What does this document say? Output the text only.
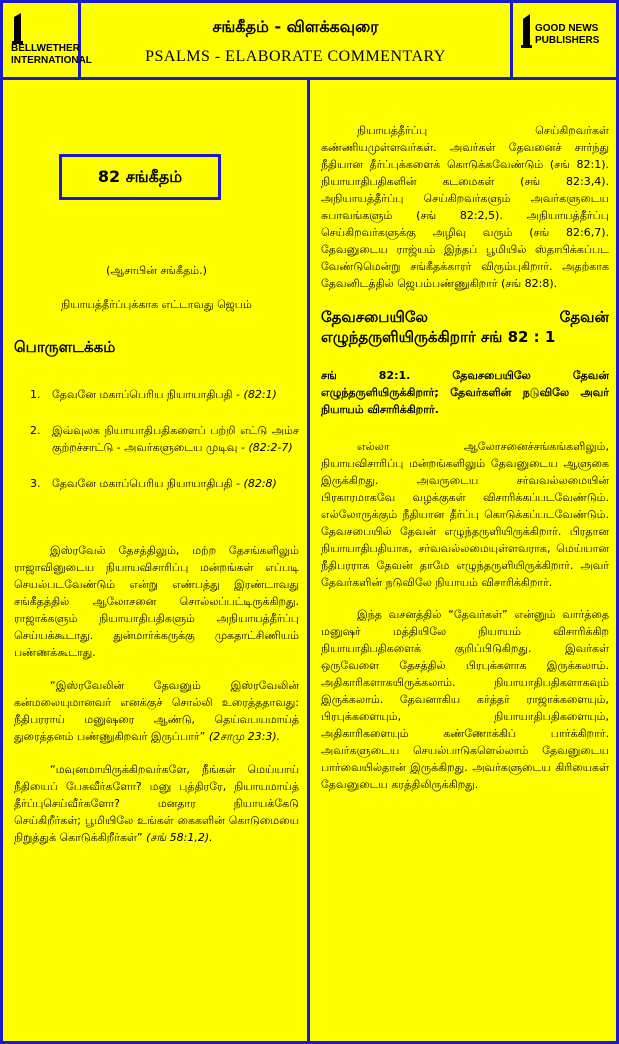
BELLWETHER INTERNATIONAL
சங்கீதம் - விளக்கவுரை
PSALMS - ELABORATE COMMENTARY
GOOD NEWS PUBLISHERS
82 சங்கீதம்
(ஆசாபின் சங்கீதம்.)
நியாயத்தீர்ப்புக்காக எட்டாவது ஜெபம்
பொருளடக்கம்
1.	தேவனே மகாப்பெரிய நியாயாதிபதி - (82:1)
2.	இவ்வுலக நியாயாதிபதிகளைப் பற்றி எட்டு அம்ச குற்றச்சாட்டு - அவர்களுடைய முடிவு - (82:2-7)
3.	தேவனே மகாப்பெரிய நியாயாதிபதி - (82:8)

இஸ்ரவேல் தேசத்திலும், மற்ற தேசங்களிலும் ராஜாவினுடைய நியாயவிசாரிப்பு மன்றங்கள் எப்படி செயல்படவேண்டும் என்று எண்பத்து இரண்டாவது சங்கீதத்தில் ஆலோசனை சொல்லப்பட்டிருக்கிறது. ராஜாக்களும் நியாயாதிபதிகளும் அநியாயத்தீர்ப்பு செய்யக்கூடாது. துன்மார்க்கருக்கு முகதாட்சிணியம் பண்ணக்கூடாது.

“இஸ்ரவேலின் தேவனும் இஸ்ரவேலின் கன்மலையுமானவர் எனக்குச் சொல்லி உரைத்ததாவது: நீதிபரராய் மனுஷரை ஆண்டு, தெய்வபயமாய்த் துரைத்தனம் பண்ணுகிறவர் இருப்பார்” (2சாமு 23:3).

“மவுனமாயிருக்கிறவர்களே, நீங்கள் மெய்யாய் நீதியைப் பேசுவீர்களோ? மனு புத்திரரே, நியாயமாய்த் தீர்ப்புசெய்வீர்களோ? மனதார நியாயக்கேடு செய்கிறீர்கள்; பூமியிலே உங்கள் கைகளின் கொடுமையை நிறுத்துக் கொடுக்கிறீர்கள்” (சங் 58:1,2).

நியாயத்தீர்ப்பு செய்கிறவர்கள் கண்ணியமுள்ளவர்கள். அவர்கள் தேவனைச் சார்ந்து நீதியான தீர்ப்புக்களைக் கொடுக்கவேண்டும் (சங் 82:1). நியாயாதிபதிகளின் கடமைகள் (சங் 82:3,4). அநியாயத்தீர்ப்பு செய்கிறவர்களும் அவர்களுடைய சுபாவங்களும் (சங் 82:2,5). அநியாயத்தீர்ப்பு செய்கிறவர்களுக்கு அழிவு வரும் (சங் 82:6,7). தேவனுடைய ராஜ்யம் இந்தப் பூமியில் ஸ்தாபிக்கப்பட வேண்டுமென்று சங்கீதக்காரர் விரும்புகிறார். அதற்காக தேவனிடத்தில் ஜெபம்பண்ணுகிறார் (சங் 82:8).

தேவசபையிலே தேவன் எழுந்தருளியிருக்கிறார் சங் 82 : 1
சங் 82:1. தேவசபையிலே தேவன் எழுந்தருளியிருக்கிறார்; தேவர்களின் நடுவிலே அவர் நியாயம் விசாரிக்கிறார்.

எல்லா ஆலோசனைச்சங்கங்களிலும், நியாயவிசாரிப்பு மன்றங்களிலும் தேவனுடைய ஆளுகை இருக்கிறது. அவருடைய சர்வவல்லமையின் பிரகாரமாகவே வழக்குகள் விசாரிக்கப்படவேண்டும். எல்லோருக்கும் நீதியான தீர்ப்பு கொடுக்கப்படவேண்டும். தேவசபையில் தேவன் எழுந்தருளியிருக்கிறார். பிரதான நியாயாதிபதியாக, சர்வவல்லமையுள்ளவராக, மெய்யான நீதிபரராக தேவன் தாமே எழுந்தருளியிருக்கிறார். அவர் தேவர்களின் நடுவிலே நியாயம் விசாரிக்கிறார்.

இந்த வசனத்தில் “தேவர்கள்” என்னும் வார்த்தை மனுஷர் மத்தியிலே நியாயம் விசாரிக்கிற நியாயாதிபதிகளைக் குறிப்பிடுகிறது. இவர்கள் ஒருவேளை தேசத்தில் பிரபுக்களாக இருக்கலாம். அதிகாரிகளாகயிருக்கலாம். நியாயாதிபதிகளாகவும் இருக்கலாம். தேவனாகிய கர்த்தர் ராஜாக்களையும், பிரபுக்களையும், நியாயாதிபதிகளையும், அதிகாரிகளையும் கண்ணோக்கிப் பார்க்கிறார். அவர்களுடைய செயல்பாடுகளெல்லாம் தேவனுடைய பார்வையில்தான் இருக்கிறது. அவர்களுடைய கிரியைகள் தேவனுடைய கரத்திலிருக்கிறது.
